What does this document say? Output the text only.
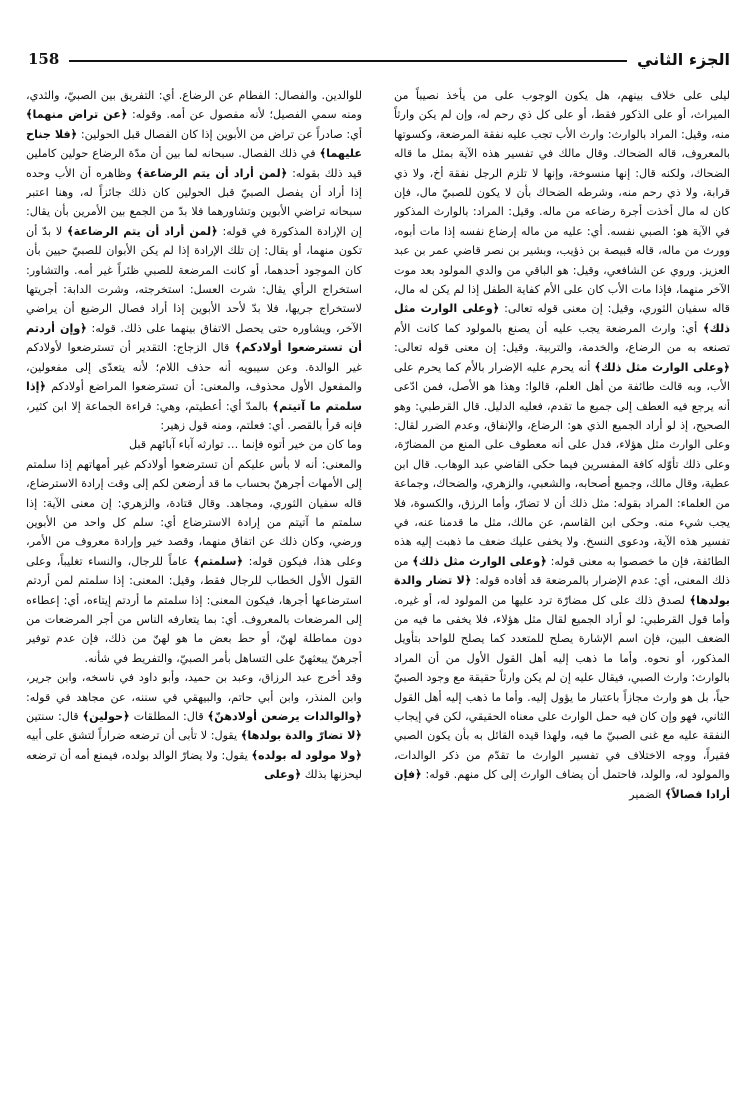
158	الجزء الثاني

ليلى على خلاف بينهم، هل يكون الوجوب على من يأخذ نصيباً من الميراث، أو على الذكور فقط، أو على كل ذي رحم له، وإن لم يكن وارثاً منه، وقيل: المراد بالوارث: وارث الأب تجب عليه نفقة المرضعة، وكسوتها بالمعروف، قاله الضحاك. وقال مالك في تفسير هذه الآية بمثل ما قاله الضحاك، ولكنه قال: إنها منسوخة، وإنها لا تلزم الرجل نفقة أخ، ولا ذي قرابة، ولا ذي رحم منه، وشرطه الضحاك بأن لا يكون للصبيّ مال، فإن كان له مال أخذت أجرة رضاعه من ماله. وقيل: المراد: بالوارث المذكور في الآية هو: الصبي نفسه. أي: عليه من ماله إرضاع نفسه إذا مات أبوه، وورث من ماله، قاله قبيصة بن ذؤيب، وبشير بن نصر قاضي عمر بن عبد العزيز. وروي عن الشافعي، وقيل: هو الباقي من والدي المولود بعد موت الآخر منهما، فإذا مات الأب كان على الأم كفاية الطفل إذا لم يكن له مال، قاله سفيان الثوري، وقيل: إن معنى قوله تعالى: ﴿وعلى الوارث مثل ذلك﴾ أي: وارث المرضعة يجب عليه أن يصنع بالمولود كما كانت الأم تصنعه به من الرضاع، والخدمة، والتربية. وقيل: إن معنى قوله تعالى: ﴿وعلى الوارث مثل ذلك﴾ أنه يحرم عليه الإضرار بالأم كما يحرم على الأب، وبه قالت طائفة من أهل العلم، قالوا: وهذا هو الأصل، فمن ادّعى أنه يرجع فيه العطف إلى جميع ما تقدم، فعليه الدليل. قال القرطبي: وهو الصحيح، إذ لو أراد الجميع الذي هو: الرضاع، والإنفاق، وعدم الضرر لقال: وعلى الوارث مثل هؤلاء، فدل على أنه معطوف على المنع من المضارّة، وعلى ذلك تأوّله كافة المفسرين فيما حكى القاضي عبد الوهاب. قال ابن عطية، وقال مالك، وجميع أصحابه، والشعبي، والزهري، والضحاك، وجماعة من العلماء: المراد بقوله: مثل ذلك أن لا تضارّ، وأما الرزق، والكسوة، فلا يجب شيء منه. وحكى ابن القاسم، عن مالك، مثل ما قدمنا عنه، في تفسير هذه الآية، ودعوى النسخ. ولا يخفى عليك ضعف ما ذهبت إليه هذه الطائفة، فإن ما خصصوا به معنى قوله: ﴿وعلى الوارث مثل ذلك﴾ من ذلك المعنى، أي: عدم الإضرار بالمرضعة قد أفاده قوله: ﴿لا تضار والدة بولدها﴾ لصدق ذلك على كل مضارّة ترد عليها من المولود له، أو غيره. وأما قول القرطبي: لو أراد الجميع لقال مثل هؤلاء، فلا يخفى ما فيه من الضعف البين، فإن اسم الإشارة يصلح للمتعدد كما يصلح للواحد بتأويل المذكور، أو نحوه. وأما ما ذهب إليه أهل القول الأول من أن المراد بالوارث: وارث الصبي، فيقال عليه إن لم يكن وارثاً حقيقة مع وجود الصبيّ حياً، بل هو وارث مجازاً باعتبار ما يؤول إليه. وأما ما ذهب إليه أهل القول الثاني، فهو وإن كان فيه حمل الوارث على معناه الحقيقي، لكن في إيجاب النفقة عليه مع غنى الصبيّ ما فيه، ولهذا قيده القائل به بأن يكون الصبي فقيراً، ووجه الاختلاف في تفسير الوارث ما تقدّم من ذكر الوالدات، والمولود له، والولد، فاحتمل أن يضاف الوارث إلى كل منهم. قوله: ﴿فإن أرادا فصالاً﴾ الضمير

للوالدين. والفصال: الفطام عن الرضاع. أي: التفريق بين الصبيّ، والثدي، ومنه سمي الفصيل؛ لأنه مفصول عن أمه. وقوله: ﴿عن تراض منهما﴾ أي: صادراً عن تراض من الأبوين إذا كان الفصال قبل الحولين: ﴿فلا جناح عليهما﴾ في ذلك الفصال. سبحانه لما بين أن مدّة الرضاع حولين كاملين قيد ذلك بقوله: ﴿لمن أراد أن يتم الرضاعة﴾ وظاهره أن الأب وحده إذا أراد أن يفصل الصبيّ قبل الحولين كان ذلك جائزاً له، وهنا اعتبر سبحانه تراضي الأبوين وتشاورهما فلا بدّ من الجمع بين الأمرين بأن يقال: إن الإرادة المذكورة في قوله: ﴿لمن أراد أن يتم الرضاعة﴾ لا بدّ أن تكون منهما، أو يقال: إن تلك الإرادة إذا لم يكن الأبوان للصبيّ حيين بأن كان الموجود أحدهما، أو كانت المرضعة للصبي ظئراً غير أمه. والتشاور: استخراج الرأي يقال: شرت العسل: استخرجته، وشرت الدابة: أجريتها لاستخراج جريها، فلا بدّ لأحد الأبوين إذا أراد فصال الرضيع أن يراضي الآخر، ويشاوره حتى يحصل الاتفاق بينهما على ذلك. قوله: ﴿وإن أردتم أن تسترضعوا أولادكم﴾ قال الزجاج: التقدير أن تسترضعوا لأولادكم غير الوالدة. وعن سيبويه أنه حذف اللام؛ لأنه يتعدّى إلى مفعولين، والمفعول الأول محذوف، والمعنى: أن تسترضعوا المراضع أولادكم ﴿إذا سلمتم ما آتيتم﴾ بالمدّ أي: أعطيتم، وهي: قراءة الجماعة إلا ابن كثير، فإنه قرأ بالقصر. أي: فعلتم، ومنه قول زهير:

وما كان من خير أتوه فإنما … توارثه آباء آبائهم قبل

والمعنى: أنه لا بأس عليكم أن تسترضعوا أولادكم غير أمهاتهم إذا سلمتم إلى الأمهات أجرهنّ بحساب ما قد أرضعن لكم إلى وقت إرادة الاسترضاع، قاله سفيان الثوري، ومجاهد. وقال قتادة، والزهري: إن معنى الآية: إذا سلمتم ما آتيتم من إرادة الاسترضاع أي: سلم كل واحد من الأبوين ورضي، وكان ذلك عن اتفاق منهما، وقصد خير وإرادة معروف من الأمر، وعلى هذا، فيكون قوله: ﴿سلمتم﴾ عاماً للرجال، والنساء تغليباً، وعلى القول الأول الخطاب للرجال فقط، وقيل: المعنى: إذا سلمتم لمن أردتم استرضاعها أجرها، فيكون المعنى: إذا سلمتم ما أردتم إيتاءه، أي: إعطاءه إلى المرضعات بالمعروف. أي: بما يتعارفه الناس من أجر المرضعات من دون مماطلة لهنّ، أو حط بعض ما هو لهنّ من ذلك، فإن عدم توفير أجرهنّ يبعثهنّ على التساهل بأمر الصبيّ، والتفريط في شأنه.

وقد أخرج عبد الرزاق، وعبد بن حميد، وأبو داود في ناسخه، وابن جرير، وابن المنذر، وابن أبي حاتم، والبيهقي في سننه، عن مجاهد في قوله: ﴿والوالدات يرضعن أولادهنّ﴾ قال: المطلقات ﴿حولين﴾ قال: سنتين ﴿لا تضارّ والدة بولدها﴾ يقول: لا تأبى أن ترضعه ضراراً لتشق على أبيه ﴿ولا مولود له بولده﴾ يقول: ولا يضارّ الوالد بولده، فيمنع أمه أن ترضعه ليحزنها بذلك ﴿وعلى
